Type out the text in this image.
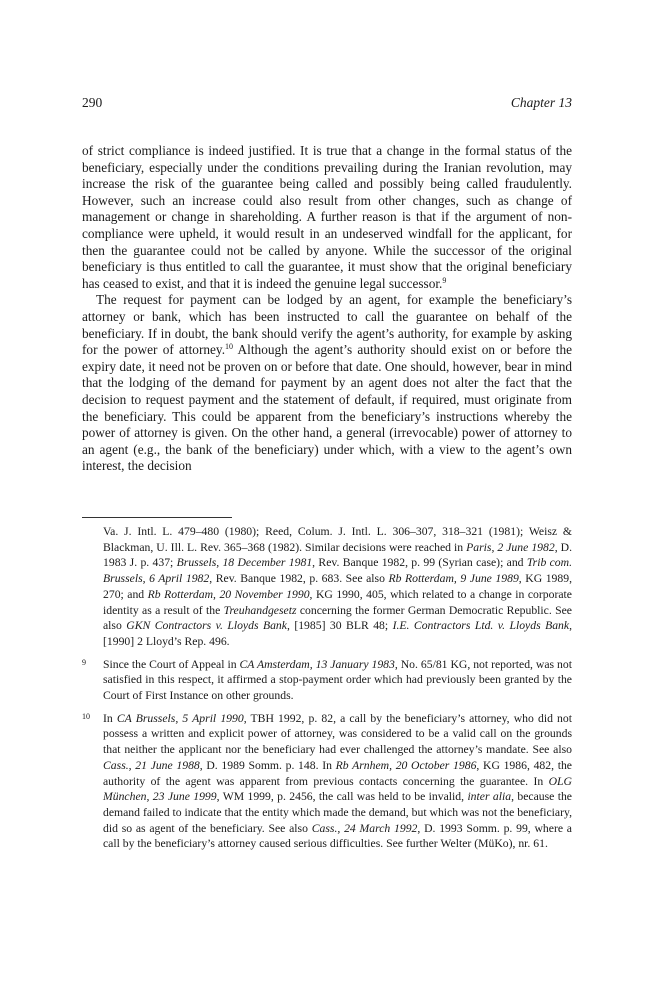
290	Chapter 13

of strict compliance is indeed justified. It is true that a change in the formal status of the beneficiary, especially under the conditions prevailing during the Iranian revolution, may increase the risk of the guarantee being called and possibly being called fraudulently. However, such an increase could also result from other changes, such as change of management or change in shareholding. A further reason is that if the argument of non-compliance were upheld, it would result in an undeserved windfall for the applicant, for then the guarantee could not be called by anyone. While the successor of the original beneficiary is thus entitled to call the guarantee, it must show that the original beneficiary has ceased to exist, and that it is indeed the genuine legal successor.$^9$

The request for payment can be lodged by an agent, for example the beneficiary’s attorney or bank, which has been instructed to call the guarantee on behalf of the beneficiary. If in doubt, the bank should verify the agent’s authority, for example by asking for the power of attorney.$^{10}$ Although the agent’s authority should exist on or before the expiry date, it need not be proven on or before that date. One should, however, bear in mind that the lodging of the demand for payment by an agent does not alter the fact that the decision to request payment and the statement of default, if required, must originate from the beneficiary. This could be apparent from the beneficiary’s instructions whereby the power of attorney is given. On the other hand, a general (irrevocable) power of attorney to an agent (e.g., the bank of the beneficiary) under which, with a view to the agent’s own interest, the decision

Va. J. Intl. L. 479–480 (1980); Reed, Colum. J. Intl. L. 306–307, 318–321 (1981); Weisz & Blackman, U. Ill. L. Rev. 365–368 (1982). Similar decisions were reached in Paris, 2 June 1982, D. 1983 J. p. 437; Brussels, 18 December 1981, Rev. Banque 1982, p. 99 (Syrian case); and Trib com. Brussels, 6 April 1982, Rev. Banque 1982, p. 683. See also Rb Rotterdam, 9 June 1989, KG 1989, 270; and Rb Rotterdam, 20 November 1990, KG 1990, 405, which related to a change in corporate identity as a result of the Treuhandgesetz concerning the former German Democratic Republic. See also GKN Contractors v. Lloyds Bank, [1985] 30 BLR 48; I.E. Contractors Ltd. v. Lloyds Bank, [1990] 2 Lloyd’s Rep. 496.
9 Since the Court of Appeal in CA Amsterdam, 13 January 1983, No. 65/81 KG, not reported, was not satisfied in this respect, it affirmed a stop-payment order which had previously been granted by the Court of First Instance on other grounds.
10 In CA Brussels, 5 April 1990, TBH 1992, p. 82, a call by the beneficiary’s attorney, who did not possess a written and explicit power of attorney, was considered to be a valid call on the grounds that neither the applicant nor the beneficiary had ever challenged the attorney’s mandate. See also Cass., 21 June 1988, D. 1989 Somm. p. 148. In Rb Arnhem, 20 October 1986, KG 1986, 482, the authority of the agent was apparent from previous contacts concerning the guarantee. In OLG München, 23 June 1999, WM 1999, p. 2456, the call was held to be invalid, inter alia, because the demand failed to indicate that the entity which made the demand, but which was not the beneficiary, did so as agent of the beneficiary. See also Cass., 24 March 1992, D. 1993 Somm. p. 99, where a call by the beneficiary’s attorney caused serious difficulties. See further Welter (MüKo), nr. 61.
